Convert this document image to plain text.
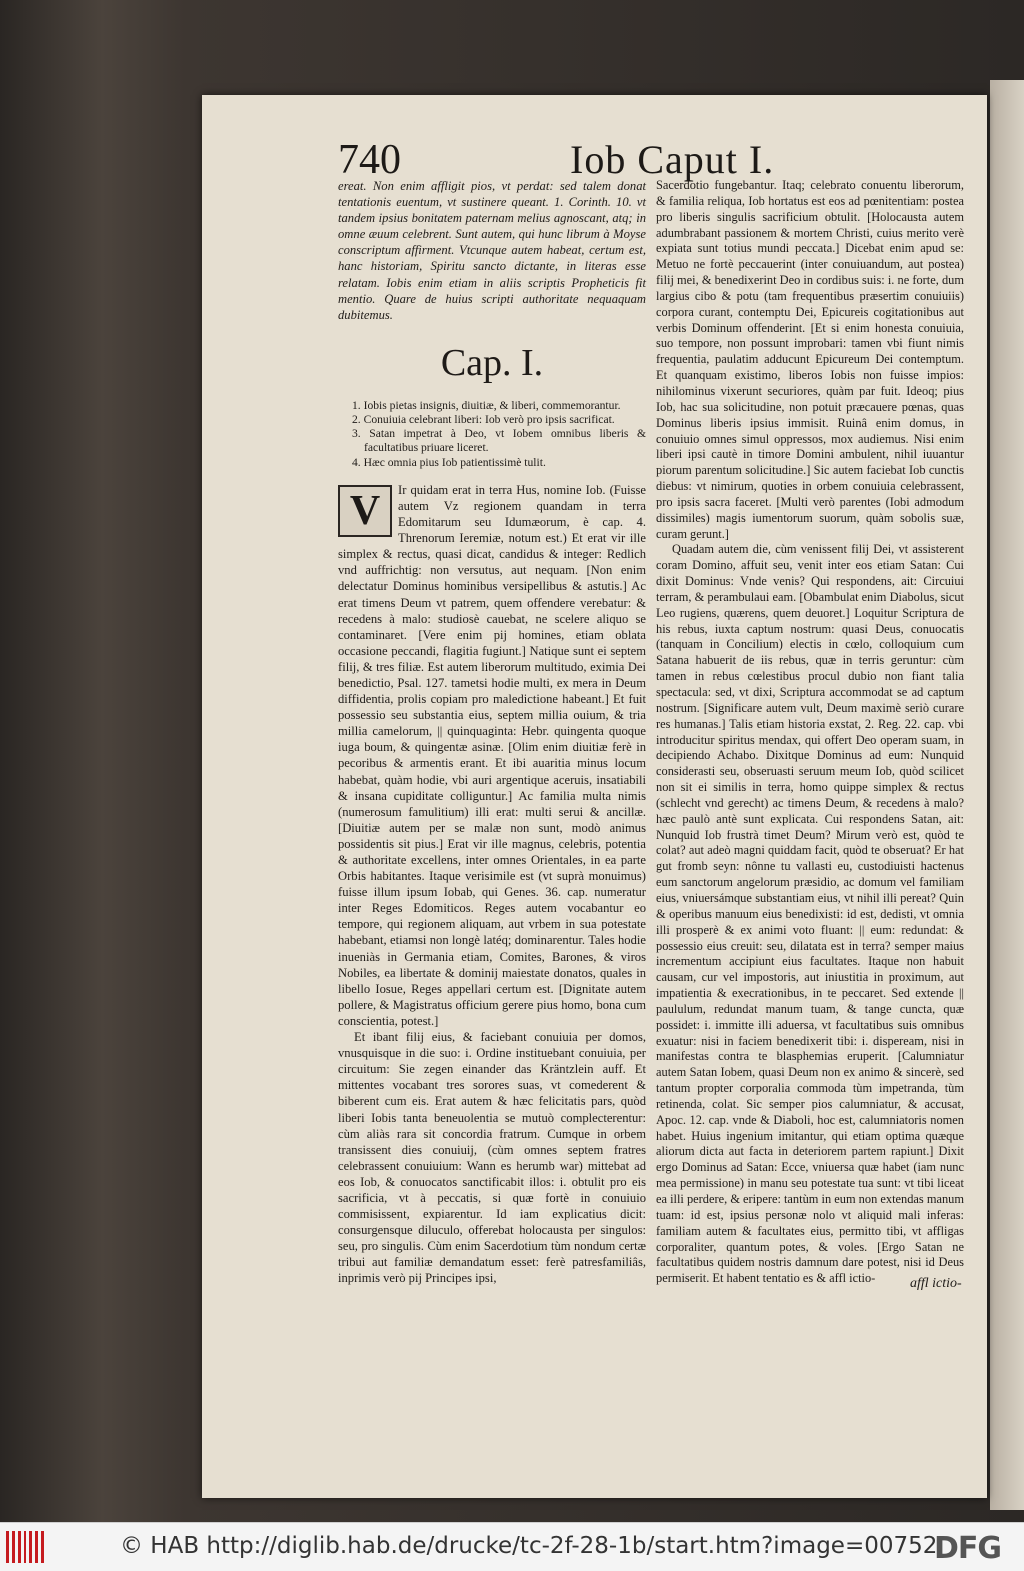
740	Iob Caput I.

ereat. Non enim affligit pios, vt perdat: sed talem donat tentationis euentum, vt sustinere queant. 1. Corinth. 10. vt tandem ipsius bonitatem paternam melius agnoscant, atq; in omne æuum celebrent. Sunt autem, qui hunc librum à Moyse conscriptum affirment. Vtcunque autem habeat, certum est, hanc historiam, Spiritu sancto dictante, in literas esse relatam. Iobis enim etiam in aliis scriptis Propheticis fit mentio. Quare de huius scripti authoritate nequaquam dubitemus.

Cap. I.
1. Iobis pietas insignis, diuitiæ, & liberi, commemorantur.
2. Conuiuia celebrant liberi: Iob verò pro ipsis sacrificat.
3. Satan impetrat à Deo, vt Iobem omnibus liberis & facultatibus priuare liceret.
4. Hæc omnia pius Iob patientissimè tulit.
V	Ir quidam erat in terra Hus, nomine Iob. (Fuisse autem Vz regionem quandam in terra Edomitarum seu Idumæorum, è cap. 4. Threnorum Ieremiæ, notum est.) Et erat vir ille simplex & rectus, quasi dicat, candidus & integer: Redlich vnd auffrichtig: non versutus, aut nequam. [Non enim delectatur Dominus hominibus versipellibus & astutis.] Ac erat timens Deum vt patrem, quem offendere verebatur: & recedens à malo: studiosè cauebat, ne scelere aliquo se contaminaret. [Vere enim pij homines, etiam oblata occasione peccandi, flagitia fugiunt.] Natique sunt ei septem filij, & tres filiæ. Est autem liberorum multitudo, eximia Dei benedictio, Psal. 127. tametsi hodie multi, ex mera in Deum diffidentia, prolis copiam pro maledictione habeant.] Et fuit possessio seu substantia eius, septem millia ouium, & tria millia camelorum, || quinquaginta: Hebr. quingenta quoque iuga boum, & quingentæ asinæ. [Olim enim diuitiæ ferè in pecoribus & armentis erant. Et ibi auaritia minus locum habebat, quàm hodie, vbi auri argentique aceruis, insatiabili & insana cupiditate colliguntur.] Ac familia multa nimis (numerosum famulitium) illi erat: multi serui & ancillæ. [Diuitiæ autem per se malæ non sunt, modò animus possidentis sit pius.] Erat vir ille magnus, celebris, potentia & authoritate excellens, inter omnes Orientales, in ea parte Orbis habitantes. Itaque verisimile est (vt suprà monuimus) fuisse illum ipsum Iobab, qui Genes. 36. cap. numeratur inter Reges Edomiticos. Reges autem vocabantur eo tempore, qui regionem aliquam, aut vrbem in sua potestate habebant, etiamsi non longè latéq; dominarentur. Tales hodie inueniàs in Germania etiam, Comites, Barones, & viros Nobiles, ea libertate & dominij maiestate donatos, quales in libello Iosue, Reges appellari certum est. [Dignitate autem pollere, & Magistratus officium gerere pius homo, bona cum conscientia, potest.]

Et ibant filij eius, & faciebant conuiuia per domos, vnusquisque in die suo: i. Ordine instituebant conuiuia, per circuitum: Sie zegen einander das Kräntzlein auff. Et mittentes vocabant tres sorores suas, vt comederent & biberent cum eis. Erat autem & hæc felicitatis pars, quòd liberi Iobis tanta beneuolentia se mutuò complecterentur: cùm aliàs rara sit concordia fratrum. Cumque in orbem transissent dies conuiuij, (cùm omnes septem fratres celebrassent conuiuium: Wann es herumb war) mittebat ad eos Iob, & conuocatos sanctificabit illos: i. obtulit pro eis sacrificia, vt à peccatis, si quæ fortè in conuiuio commisissent, expiarentur. Id iam explicatius dicit: consurgensque diluculo, offerebat holocausta per singulos: seu, pro singulis. Cùm enim Sacerdotium tùm nondum certæ tribui aut familiæ demandatum esset: ferè patresfamiliâs, inprimis verò pij Principes ipsi,

Sacerdotio fungebantur. Itaq; celebrato conuentu liberorum, & familia reliqua, Iob hortatus est eos ad pœnitentiam: postea pro liberis singulis sacrificium obtulit. [Holocausta autem adumbrabant passionem & mortem Christi, cuius merito verè expiata sunt totius mundi peccata.] Dicebat enim apud se: Metuo ne fortè peccauerint (inter conuiuandum, aut postea) filij mei, & benedixerint Deo in cordibus suis: i. ne forte, dum largius cibo & potu (tam frequentibus præsertim conuiuiis) corpora curant, contemptu Dei, Epicureis cogitationibus aut verbis Dominum offenderint. [Et si enim honesta conuiuia, suo tempore, non possunt improbari: tamen vbi fiunt nimis frequentia, paulatim adducunt Epicureum Dei contemptum. Et quanquam existimo, liberos Iobis non fuisse impios: nihilominus vixerunt securiores, quàm par fuit. Ideoq; pius Iob, hac sua solicitudine, non potuit præcauere pœnas, quas Dominus liberis ipsius immisit. Ruinâ enim domus, in conuiuio omnes simul oppressos, mox audiemus. Nisi enim liberi ipsi cautè in timore Domini ambulent, nihil iuuantur piorum parentum solicitudine.] Sic autem faciebat Iob cunctis diebus: vt nimirum, quoties in orbem conuiuia celebrassent, pro ipsis sacra faceret. [Multi verò parentes (Iobi admodum dissimiles) magis iumentorum suorum, quàm sobolis suæ, curam gerunt.]

Quadam autem die, cùm venissent filij Dei, vt assisterent coram Domino, affuit seu, venit inter eos etiam Satan: Cui dixit Dominus: Vnde venis? Qui respondens, ait: Circuiui terram, & perambulaui eam. [Obambulat enim Diabolus, sicut Leo rugiens, quærens, quem deuoret.] Loquitur Scriptura de his rebus, iuxta captum nostrum: quasi Deus, conuocatis (tanquam in Concilium) electis in cœlo, colloquium cum Satana habuerit de iis rebus, quæ in terris geruntur: cùm tamen in rebus cœlestibus procul dubio non fiant talia spectacula: sed, vt dixi, Scriptura accommodat se ad captum nostrum. [Significare autem vult, Deum maximè seriò curare res humanas.] Talis etiam historia exstat, 2. Reg. 22. cap. vbi introducitur spiritus mendax, qui offert Deo operam suam, in decipiendo Achabo. Dixitque Dominus ad eum: Nunquid considerasti seu, obseruasti seruum meum Iob, quòd scilicet non sit ei similis in terra, homo quippe simplex & rectus (schlecht vnd gerecht) ac timens Deum, & recedens à malo? hæc paulò antè sunt explicata. Cui respondens Satan, ait: Nunquid Iob frustrà timet Deum? Mirum verò est, quòd te colat? aut adeò magni quiddam facit, quòd te obseruat? Er hat gut fromb seyn: nônne tu vallasti eu, custodiuisti hactenus eum sanctorum angelorum præsidio, ac domum vel familiam eius, vniuersámque substantiam eius, vt nihil illi pereat? Quin & operibus manuum eius benedixisti: id est, dedisti, vt omnia illi prosperè & ex animi voto fluant: || eum: redundat: & possessio eius creuit: seu, dilatata est in terra? semper maius incrementum accipiunt eius facultates. Itaque non habuit causam, cur vel impostoris, aut iniustitia in proximum, aut impatientia & execrationibus, in te peccaret. Sed extende || paululum, redundat manum tuam, & tange cuncta, quæ possidet: i. immitte illi aduersa, vt facultatibus suis omnibus exuatur: nisi in faciem benedixerit tibi: i. dispeream, nisi in manifestas contra te blasphemias eruperit. [Calumniatur autem Satan Iobem, quasi Deum non ex animo & sincerè, sed tantum propter corporalia commoda tùm impetranda, tùm retinenda, colat. Sic semper pios calumniatur, & accusat, Apoc. 12. cap. vnde & Diaboli, hoc est, calumniatoris nomen habet. Huius ingenium imitantur, qui etiam optima quæque aliorum dicta aut facta in deteriorem partem rapiunt.] Dixit ergo Dominus ad Satan: Ecce, vniuersa quæ habet (iam nunc mea permissione) in manu seu potestate tua sunt: vt tibi liceat ea illi perdere, & eripere: tantùm in eum non extendas manum tuam: id est, ipsius personæ nolo vt aliquid mali inferas: familiam autem & facultates eius, permitto tibi, vt affligas corporaliter, quantum potes, & voles. [Ergo Satan ne facultatibus quidem nostris damnum dare potest, nisi id Deus permiserit. Et habent tentatio es & affl ictio-	affl ictio-
© HAB http://diglib.hab.de/drucke/tc-2f-28-1b/start.htm?image=00752
DFG
